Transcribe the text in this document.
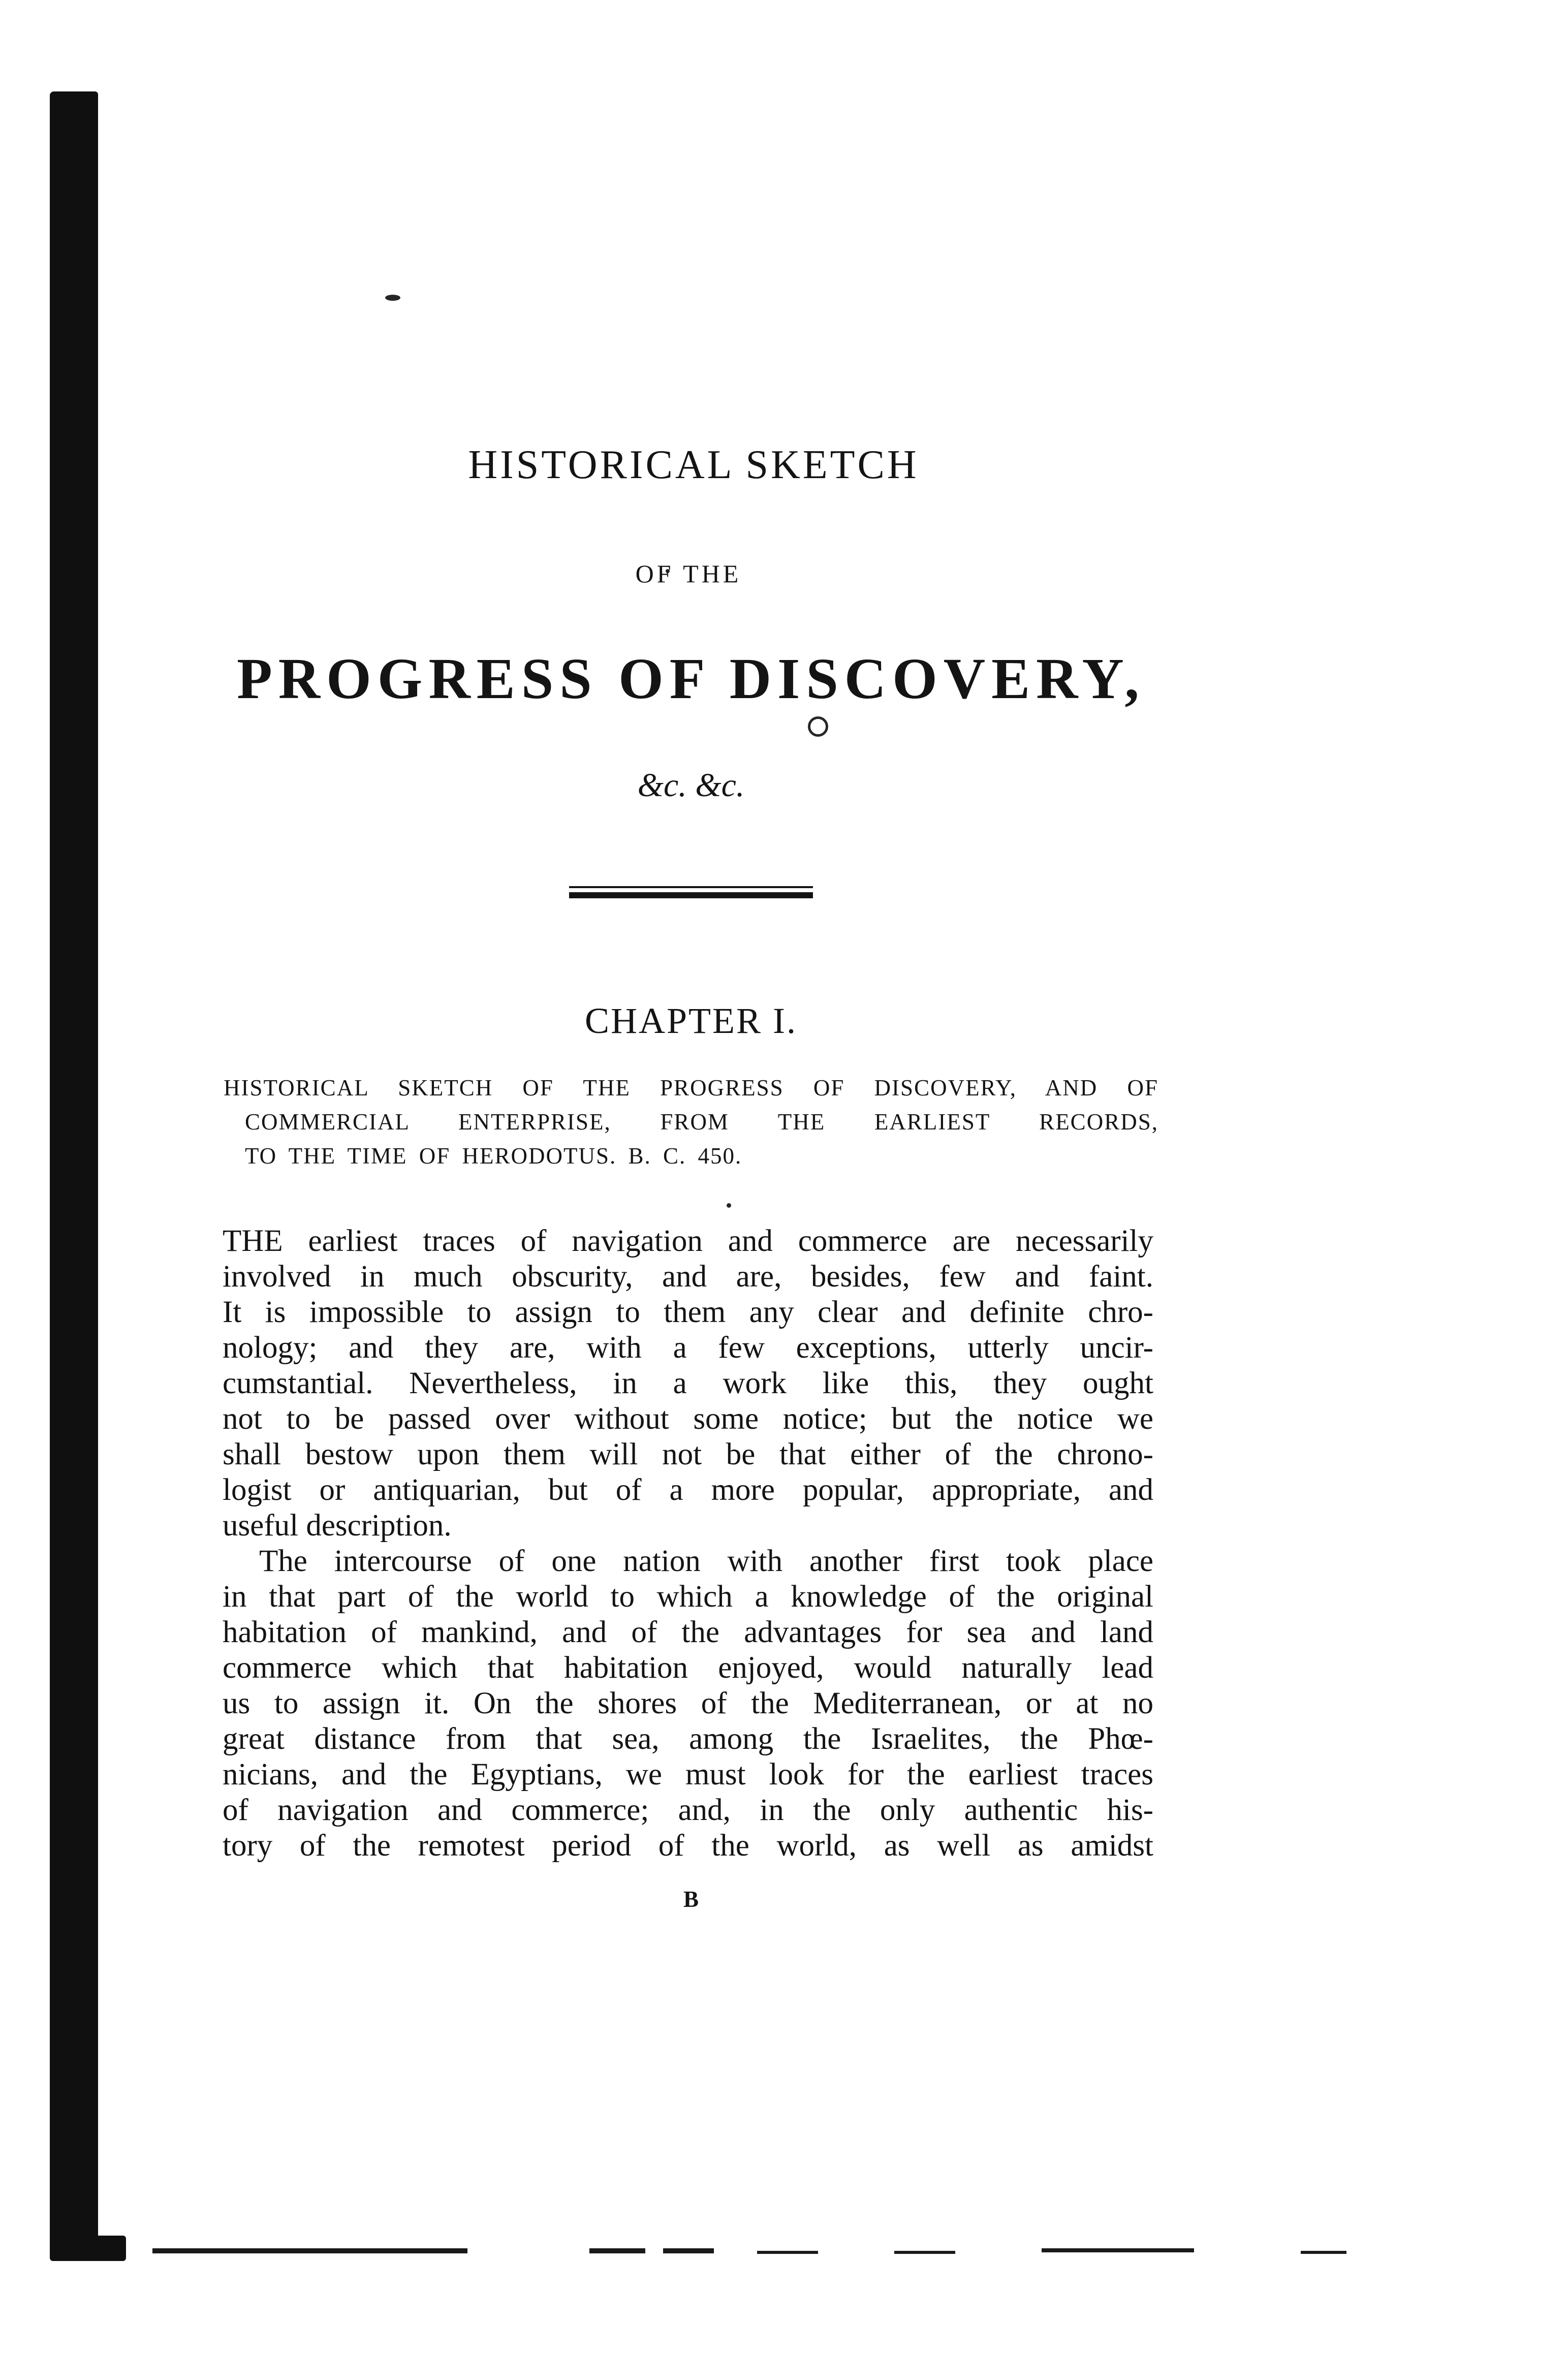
HISTORICAL SKETCH
OF THE
PROGRESS OF DISCOVERY,
&c. &c.
CHAPTER I.
HISTORICAL SKETCH OF THE PROGRESS OF DISCOVERY, AND OF
COMMERCIAL ENTERPRISE, FROM THE EARLIEST RECORDS,
TO THE TIME OF HERODOTUS. B. C. 450.
THE earliest traces of navigation and commerce are necessarily
involved in much obscurity, and are, besides, few and faint.
It is impossible to assign to them any clear and definite chro-
nology; and they are, with a few exceptions, utterly uncir-
cumstantial. Nevertheless, in a work like this, they ought
not to be passed over without some notice; but the notice we
shall bestow upon them will not be that either of the chrono-
logist or antiquarian, but of a more popular, appropriate, and
useful description.
The intercourse of one nation with another first took place
in that part of the world to which a knowledge of the original
habitation of mankind, and of the advantages for sea and land
commerce which that habitation enjoyed, would naturally lead
us to assign it. On the shores of the Mediterranean, or at no
great distance from that sea, among the Israelites, the Phœ-
nicians, and the Egyptians, we must look for the earliest traces
of navigation and commerce; and, in the only authentic his-
tory of the remotest period of the world, as well as amidst
B
